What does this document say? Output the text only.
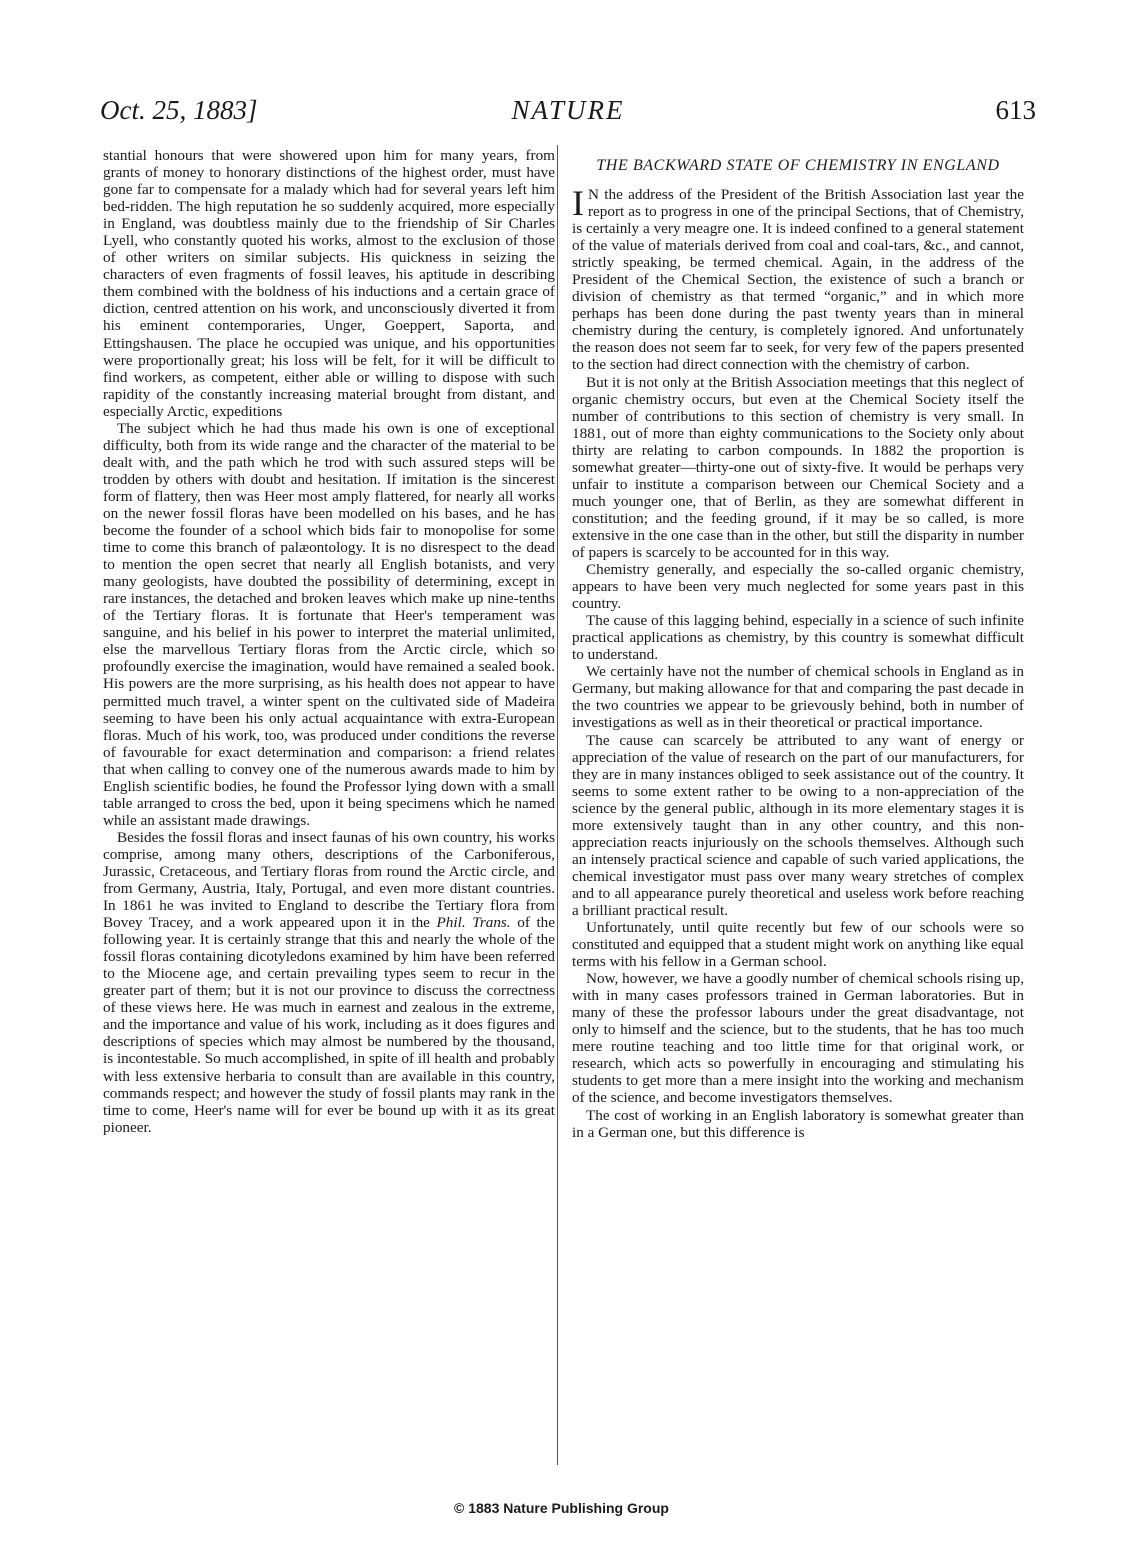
Oct. 25, 1883]	NATURE	613

stantial honours that were showered upon him for many years, from grants of money to honorary distinctions of the highest order, must have gone far to compensate for a malady which had for several years left him bed-ridden. The high reputation he so suddenly acquired, more especially in England, was doubtless mainly due to the friendship of Sir Charles Lyell, who constantly quoted his works, almost to the exclusion of those of other writers on similar subjects. His quickness in seizing the characters of even fragments of fossil leaves, his aptitude in describing them combined with the boldness of his inductions and a certain grace of diction, centred attention on his work, and unconsciously diverted it from his eminent contemporaries, Unger, Goeppert, Saporta, and Ettingshausen. The place he occupied was unique, and his opportunities were proportionally great; his loss will be felt, for it will be difficult to find workers, as competent, either able or willing to dispose with such rapidity of the constantly increasing material brought from distant, and especially Arctic, expeditions

The subject which he had thus made his own is one of exceptional difficulty, both from its wide range and the character of the material to be dealt with, and the path which he trod with such assured steps will be trodden by others with doubt and hesitation. If imitation is the sincerest form of flattery, then was Heer most amply flattered, for nearly all works on the newer fossil floras have been modelled on his bases, and he has become the founder of a school which bids fair to monopolise for some time to come this branch of palæontology. It is no disrespect to the dead to mention the open secret that nearly all English botanists, and very many geologists, have doubted the possibility of determining, except in rare instances, the detached and broken leaves which make up nine-tenths of the Tertiary floras. It is fortunate that Heer's temperament was sanguine, and his belief in his power to interpret the material unlimited, else the marvellous Tertiary floras from the Arctic circle, which so profoundly exercise the imagination, would have remained a sealed book. His powers are the more surprising, as his health does not appear to have permitted much travel, a winter spent on the cultivated side of Madeira seeming to have been his only actual acquaintance with extra-European floras. Much of his work, too, was produced under conditions the reverse of favourable for exact determination and comparison: a friend relates that when calling to convey one of the numerous awards made to him by English scientific bodies, he found the Professor lying down with a small table arranged to cross the bed, upon it being specimens which he named while an assistant made drawings.

Besides the fossil floras and insect faunas of his own country, his works comprise, among many others, descriptions of the Carboniferous, Jurassic, Cretaceous, and Tertiary floras from round the Arctic circle, and from Germany, Austria, Italy, Portugal, and even more distant countries. In 1861 he was invited to England to describe the Tertiary flora from Bovey Tracey, and a work appeared upon it in the Phil. Trans. of the following year. It is certainly strange that this and nearly the whole of the fossil floras containing dicotyledons examined by him have been referred to the Miocene age, and certain prevailing types seem to recur in the greater part of them; but it is not our province to discuss the correctness of these views here. He was much in earnest and zealous in the extreme, and the importance and value of his work, including as it does figures and descriptions of species which may almost be numbered by the thousand, is incontestable. So much accomplished, in spite of ill health and probably with less extensive herbaria to consult than are available in this country, commands respect; and however the study of fossil plants may rank in the time to come, Heer's name will for ever be bound up with it as its great pioneer.

THE BACKWARD STATE OF CHEMISTRY IN ENGLAND

I N the address of the President of the British Association last year the report as to progress in one of the principal Sections, that of Chemistry, is certainly a very meagre one. It is indeed confined to a general statement of the value of materials derived from coal and coal-tars, &c., and cannot, strictly speaking, be termed chemical. Again, in the address of the President of the Chemical Section, the existence of such a branch or division of chemistry as that termed “organic,” and in which more perhaps has been done during the past twenty years than in mineral chemistry during the century, is completely ignored. And unfortunately the reason does not seem far to seek, for very few of the papers presented to the section had direct connection with the chemistry of carbon.

But it is not only at the British Association meetings that this neglect of organic chemistry occurs, but even at the Chemical Society itself the number of contributions to this section of chemistry is very small. In 1881, out of more than eighty communications to the Society only about thirty are relating to carbon compounds. In 1882 the proportion is somewhat greater—thirty-one out of sixty-five. It would be perhaps very unfair to institute a comparison between our Chemical Society and a much younger one, that of Berlin, as they are somewhat different in constitution; and the feeding ground, if it may be so called, is more extensive in the one case than in the other, but still the disparity in number of papers is scarcely to be accounted for in this way.

Chemistry generally, and especially the so-called organic chemistry, appears to have been very much neglected for some years past in this country.

The cause of this lagging behind, especially in a science of such infinite practical applications as chemistry, by this country is somewhat difficult to understand.

We certainly have not the number of chemical schools in England as in Germany, but making allowance for that and comparing the past decade in the two countries we appear to be grievously behind, both in number of investigations as well as in their theoretical or practical importance.

The cause can scarcely be attributed to any want of energy or appreciation of the value of research on the part of our manufacturers, for they are in many instances obliged to seek assistance out of the country. It seems to some extent rather to be owing to a non-appreciation of the science by the general public, although in its more elementary stages it is more extensively taught than in any other country, and this non-appreciation reacts injuriously on the schools themselves. Although such an intensely practical science and capable of such varied applications, the chemical investigator must pass over many weary stretches of complex and to all appearance purely theoretical and useless work before reaching a brilliant practical result.

Unfortunately, until quite recently but few of our schools were so constituted and equipped that a student might work on anything like equal terms with his fellow in a German school.

Now, however, we have a goodly number of chemical schools rising up, with in many cases professors trained in German laboratories. But in many of these the professor labours under the great disadvantage, not only to himself and the science, but to the students, that he has too much mere routine teaching and too little time for that original work, or research, which acts so powerfully in encouraging and stimulating his students to get more than a mere insight into the working and mechanism of the science, and become investigators themselves.

The cost of working in an English laboratory is somewhat greater than in a German one, but this difference is

© 1883 Nature Publishing Group
